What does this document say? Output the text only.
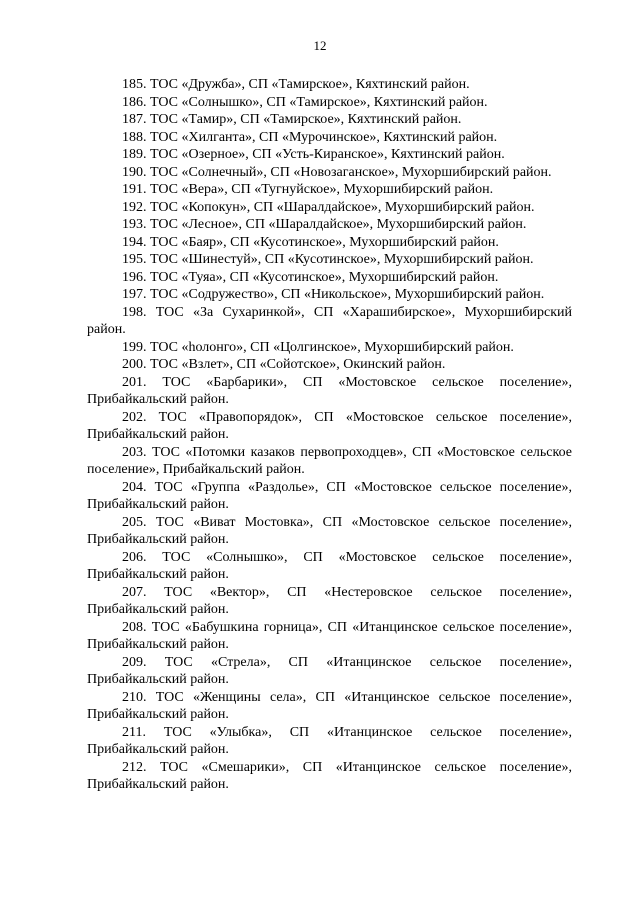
12

185. ТОС «Дружба», СП «Тамирское», Кяхтинский район.

186. ТОС «Солнышко», СП «Тамирское», Кяхтинский район.

187. ТОС «Тамир», СП «Тамирское», Кяхтинский район.

188. ТОС «Хилганта», СП «Мурочинское», Кяхтинский район.

189. ТОС «Озерное», СП «Усть-Киранское», Кяхтинский район.

190. ТОС «Солнечный», СП «Новозаганское», Мухоршибирский район.

191. ТОС «Вера», СП «Тугнуйское», Мухоршибирский район.

192. ТОС «Копокун», СП «Шаралдайское», Мухоршибирский район.

193. ТОС «Лесное», СП «Шаралдайское», Мухоршибирский район.

194. ТОС «Баяр», СП «Кусотинское», Мухоршибирский район.

195. ТОС «Шинестуй», СП «Кусотинское», Мухоршибирский район.

196. ТОС «Туяа», СП «Кусотинское», Мухоршибирский район.

197. ТОС «Содружество», СП «Никольское», Мухоршибирский район.

198. ТОС «За Сухаринкой», СП «Харашибирское», Мухоршибирский район.

199. ТОС «hолонго», СП «Цолгинское», Мухоршибирский район.

200. ТОС «Взлет», СП «Сойотское», Окинский район.

201. ТОС «Барбарики», СП «Мостовское сельское поселение», Прибайкальский район.

202. ТОС «Правопорядок», СП «Мостовское сельское поселение», Прибайкальский район.

203. ТОС «Потомки казаков первопроходцев», СП «Мостовское сельское поселение», Прибайкальский район.

204. ТОС «Группа «Раздолье», СП «Мостовское сельское поселение», Прибайкальский район.

205. ТОС «Виват Мостовка», СП «Мостовское сельское поселение», Прибайкальский район.

206. ТОС «Солнышко», СП «Мостовское сельское поселение», Прибайкальский район.

207. ТОС «Вектор», СП «Нестеровское сельское поселение», Прибайкальский район.

208. ТОС «Бабушкина горница», СП «Итанцинское сельское поселение», Прибайкальский район.

209. ТОС «Стрела», СП «Итанцинское сельское поселение», Прибайкальский район.

210. ТОС «Женщины села», СП «Итанцинское сельское поселение», Прибайкальский район.

211. ТОС «Улыбка», СП «Итанцинское сельское поселение», Прибайкальский район.

212. ТОС «Смешарики», СП «Итанцинское сельское поселение», Прибайкальский район.
